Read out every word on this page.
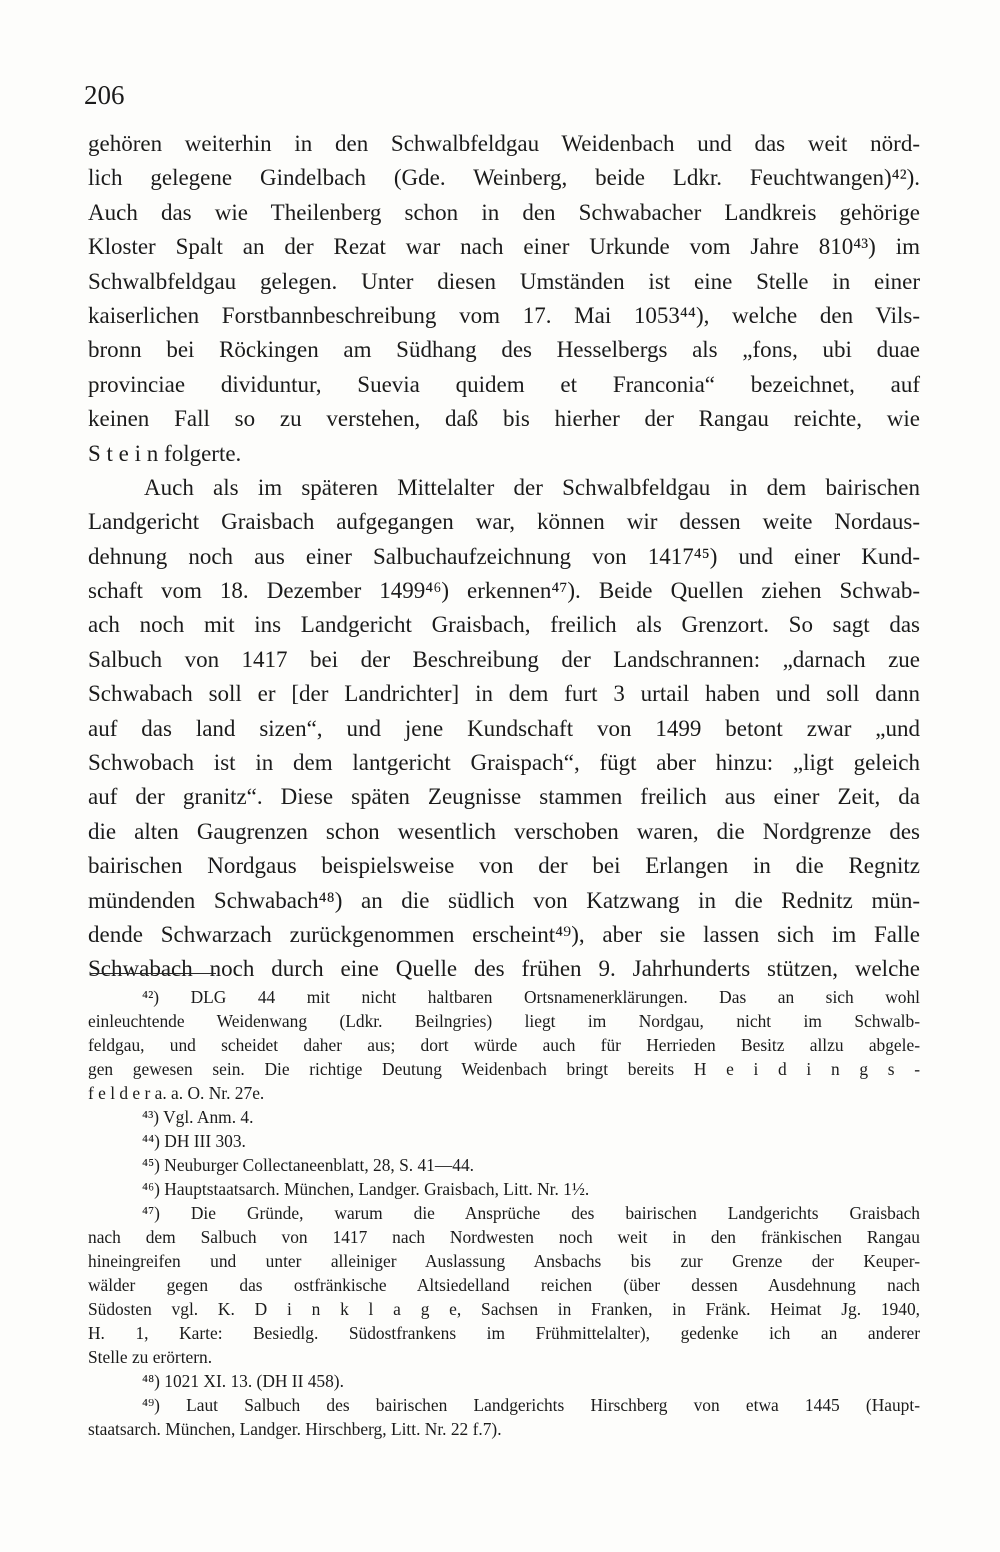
206
gehören weiterhin in den Schwalbfeldgau Weidenbach und das weit nörd-
lich gelegene Gindelbach (Gde. Weinberg, beide Ldkr. Feuchtwangen)⁴²).
Auch das wie Theilenberg schon in den Schwabacher Landkreis gehörige
Kloster Spalt an der Rezat war nach einer Urkunde vom Jahre 810⁴³) im
Schwalbfeldgau gelegen. Unter diesen Umständen ist eine Stelle in einer
kaiserlichen Forstbannbeschreibung vom 17. Mai 1053⁴⁴), welche den Vils-
bronn bei Röckingen am Südhang des Hesselbergs als „fons, ubi duae
provinciae dividuntur, Suevia quidem et Franconia“ bezeichnet, auf
keinen Fall so zu verstehen, daß bis hierher der Rangau reichte, wie
S t e i n folgerte.
Auch als im späteren Mittelalter der Schwalbfeldgau in dem bairischen
Landgericht Graisbach aufgegangen war, können wir dessen weite Nordaus-
dehnung noch aus einer Salbuchaufzeichnung von 1417⁴⁵) und einer Kund-
schaft vom 18. Dezember 1499⁴⁶) erkennen⁴⁷). Beide Quellen ziehen Schwab-
ach noch mit ins Landgericht Graisbach, freilich als Grenzort. So sagt das
Salbuch von 1417 bei der Beschreibung der Landschrannen: „darnach zue
Schwabach soll er [der Landrichter] in dem furt 3 urtail haben und soll dann
auf das land sizen“, und jene Kundschaft von 1499 betont zwar „und
Schwobach ist in dem lantgericht Graispach“, fügt aber hinzu: „ligt geleich
auf der granitz“. Diese späten Zeugnisse stammen freilich aus einer Zeit, da
die alten Gaugrenzen schon wesentlich verschoben waren, die Nordgrenze des
bairischen Nordgaus beispielsweise von der bei Erlangen in die Regnitz
mündenden Schwabach⁴⁸) an die südlich von Katzwang in die Rednitz mün-
dende Schwarzach zurückgenommen erscheint⁴⁹), aber sie lassen sich im Falle
Schwabach noch durch eine Quelle des frühen 9. Jahrhunderts stützen, welche
⁴²) DLG 44 mit nicht haltbaren Ortsnamenerklärungen. Das an sich wohl
einleuchtende Weidenwang (Ldkr. Beilngries) liegt im Nordgau, nicht im Schwalb-
feldgau, und scheidet daher aus; dort würde auch für Herrieden Besitz allzu abgele-
gen gewesen sein. Die richtige Deutung Weidenbach bringt bereits H e i d i n g s -
f e l d e r a. a. O. Nr. 27e.
⁴³) Vgl. Anm. 4.
⁴⁴) DH III 303.
⁴⁵) Neuburger Collectaneenblatt, 28, S. 41—44.
⁴⁶) Hauptstaatsarch. München, Landger. Graisbach, Litt. Nr. 1½.
⁴⁷) Die Gründe, warum die Ansprüche des bairischen Landgerichts Graisbach
nach dem Salbuch von 1417 nach Nordwesten noch weit in den fränkischen Rangau
hineingreifen und unter alleiniger Auslassung Ansbachs bis zur Grenze der Keuper-
wälder gegen das ostfränkische Altsiedelland reichen (über dessen Ausdehnung nach
Südosten vgl. K. D i n k l a g e, Sachsen in Franken, in Fränk. Heimat Jg. 1940,
H. 1, Karte: Besiedlg. Südostfrankens im Frühmittelalter), gedenke ich an anderer
Stelle zu erörtern.
⁴⁸) 1021 XI. 13. (DH II 458).
⁴⁹) Laut Salbuch des bairischen Landgerichts Hirschberg von etwa 1445 (Haupt-
staatsarch. München, Landger. Hirschberg, Litt. Nr. 22 f.7).
